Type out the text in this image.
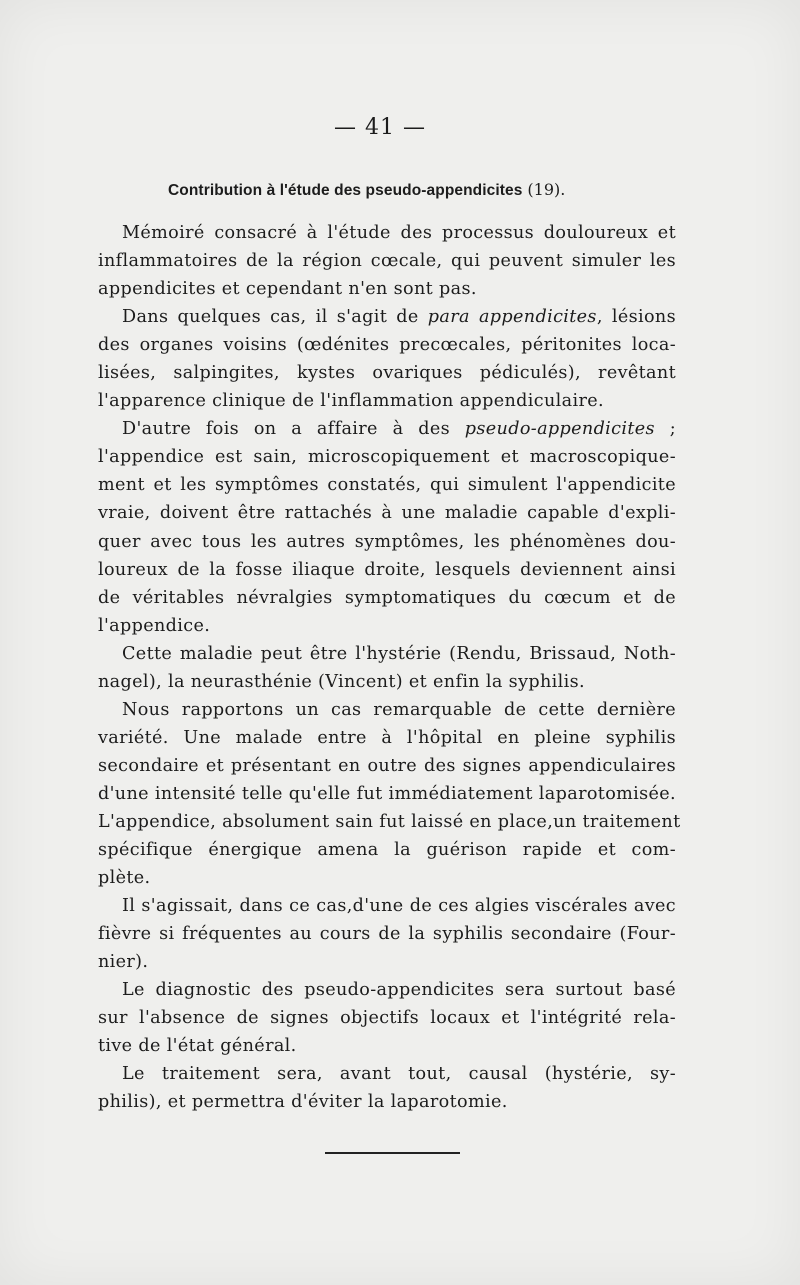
— 41 —
Contribution à l'étude des pseudo-appendicites (19).
Mémoiré consacré à l'étude des processus douloureux et
inflammatoires de la région cœcale, qui peuvent simuler les
appendicites et cependant n'en sont pas.
Dans quelques cas, il s'agit de para appendicites, lésions
des organes voisins (œdénites precœcales, péritonites loca-
lisées, salpingites, kystes ovariques pédiculés), revêtant
l'apparence clinique de l'inflammation appendiculaire.
D'autre fois on a affaire à des pseudo-appendicites ;
l'appendice est sain, microscopiquement et macroscopique-
ment et les symptômes constatés, qui simulent l'appendicite
vraie, doivent être rattachés à une maladie capable d'expli-
quer avec tous les autres symptômes, les phénomènes dou-
loureux de la fosse iliaque droite, lesquels deviennent ainsi
de véritables névralgies symptomatiques du cœcum et de
l'appendice.
Cette maladie peut être l'hystérie (Rendu, Brissaud, Noth-
nagel), la neurasthénie (Vincent) et enfin la syphilis.
Nous rapportons un cas remarquable de cette dernière
variété. Une malade entre à l'hôpital en pleine syphilis
secondaire et présentant en outre des signes appendiculaires
d'une intensité telle qu'elle fut immédiatement laparotomisée.
L'appendice, absolument sain fut laissé en place,un traitement
spécifique énergique amena la guérison rapide et com-
plète.
Il s'agissait, dans ce cas,d'une de ces algies viscérales avec
fièvre si fréquentes au cours de la syphilis secondaire (Four-
nier).
Le diagnostic des pseudo-appendicites sera surtout basé
sur l'absence de signes objectifs locaux et l'intégrité rela-
tive de l'état général.
Le traitement sera, avant tout, causal (hystérie, sy-
philis), et permettra d'éviter la laparotomie.
